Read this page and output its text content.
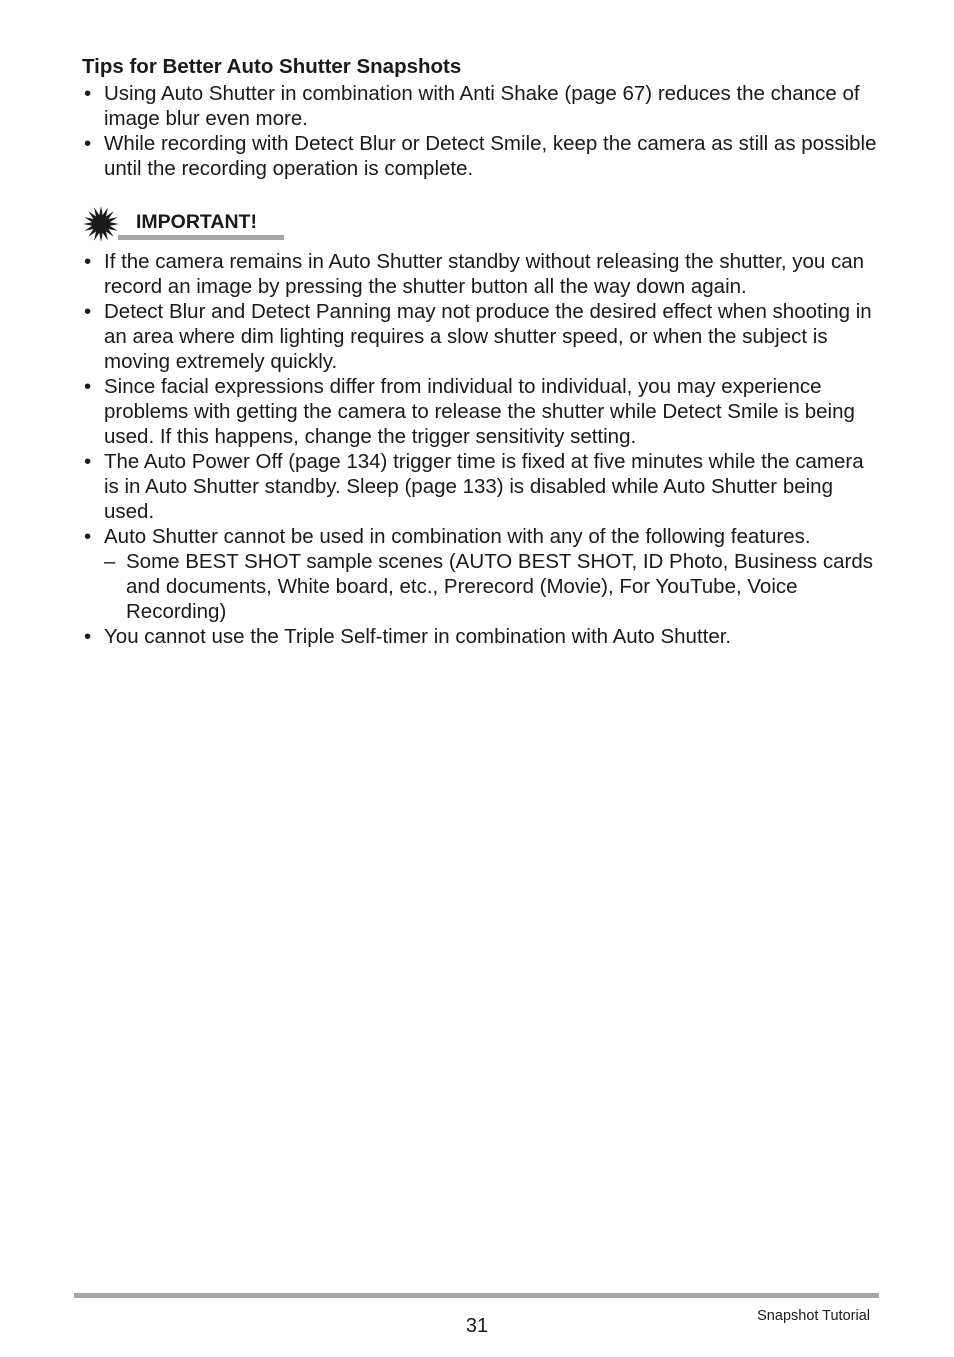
Tips for Better Auto Shutter Snapshots
• Using Auto Shutter in combination with Anti Shake (page 67) reduces the chance of image blur even more.
• While recording with Detect Blur or Detect Smile, keep the camera as still as possible until the recording operation is complete.
IMPORTANT!
• If the camera remains in Auto Shutter standby without releasing the shutter, you can record an image by pressing the shutter button all the way down again.
• Detect Blur and Detect Panning may not produce the desired effect when shooting in an area where dim lighting requires a slow shutter speed, or when the subject is moving extremely quickly.
• Since facial expressions differ from individual to individual, you may experience problems with getting the camera to release the shutter while Detect Smile is being used. If this happens, change the trigger sensitivity setting.
• The Auto Power Off (page 134) trigger time is fixed at five minutes while the camera is in Auto Shutter standby. Sleep (page 133) is disabled while Auto Shutter being used.
• Auto Shutter cannot be used in combination with any of the following features.
– Some BEST SHOT sample scenes (AUTO BEST SHOT, ID Photo, Business cards and documents, White board, etc., Prerecord (Movie), For YouTube, Voice Recording)
• You cannot use the Triple Self-timer in combination with Auto Shutter.
31	Snapshot Tutorial
